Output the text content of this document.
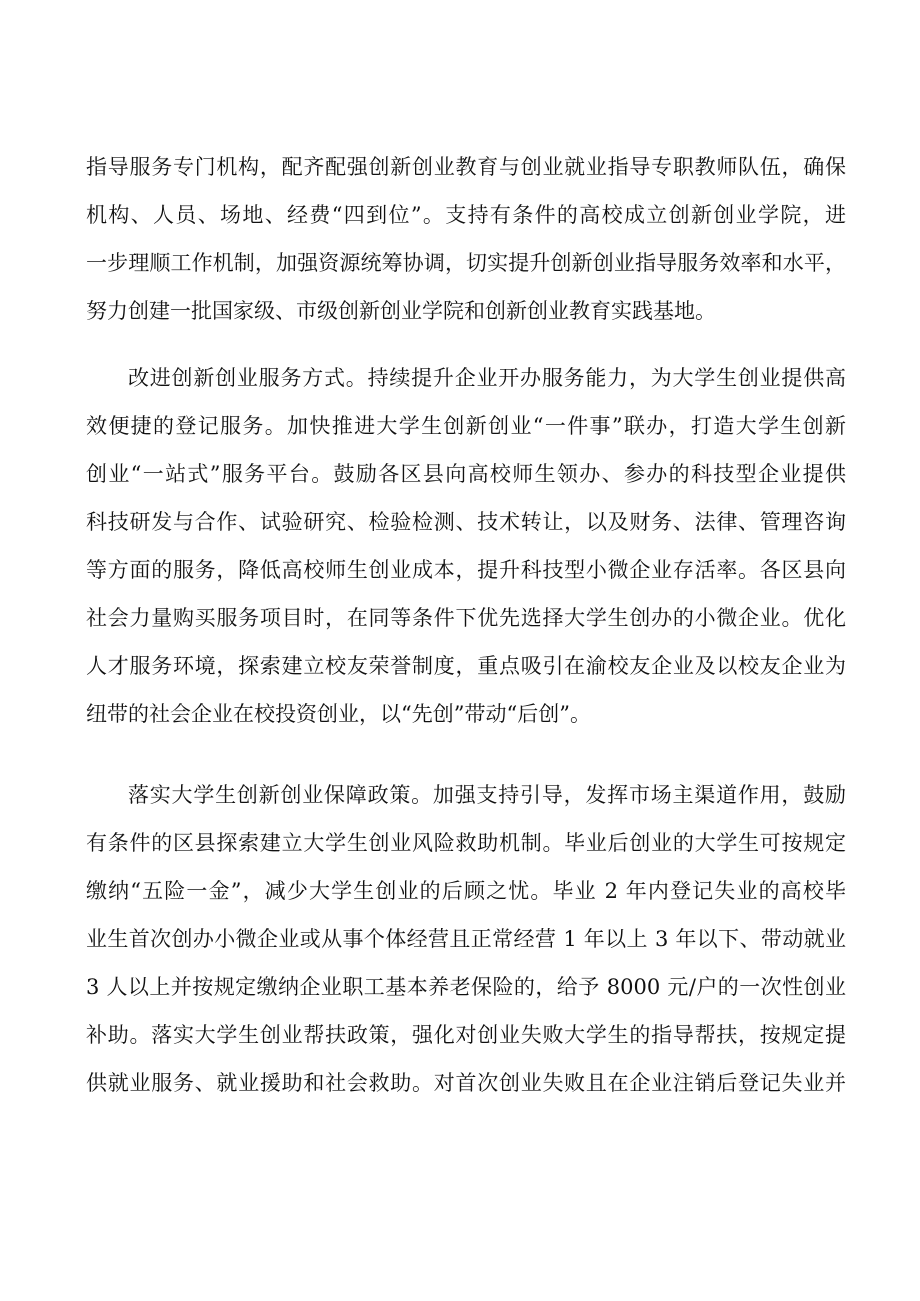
指导服务专门机构，配齐配强创新创业教育与创业就业指导专职教师队伍，确保
机构、人员、场地、经费“四到位”。支持有条件的高校成立创新创业学院，进
一步理顺工作机制，加强资源统筹协调，切实提升创新创业指导服务效率和水平，
努力创建一批国家级、市级创新创业学院和创新创业教育实践基地。
改进创新创业服务方式。持续提升企业开办服务能力，为大学生创业提供高
效便捷的登记服务。加快推进大学生创新创业“一件事”联办，打造大学生创新
创业“一站式”服务平台。鼓励各区县向高校师生领办、参办的科技型企业提供
科技研发与合作、试验研究、检验检测、技术转让，以及财务、法律、管理咨询
等方面的服务，降低高校师生创业成本，提升科技型小微企业存活率。各区县向
社会力量购买服务项目时，在同等条件下优先选择大学生创办的小微企业。优化
人才服务环境，探索建立校友荣誉制度，重点吸引在渝校友企业及以校友企业为
纽带的社会企业在校投资创业，以“先创”带动“后创”。
落实大学生创新创业保障政策。加强支持引导，发挥市场主渠道作用，鼓励
有条件的区县探索建立大学生创业风险救助机制。毕业后创业的大学生可按规定
缴纳“五险一金”，减少大学生创业的后顾之忧。毕业 2 年内登记失业的高校毕
业生首次创办小微企业或从事个体经营且正常经营 1 年以上 3 年以下、带动就业
3 人以上并按规定缴纳企业职工基本养老保险的，给予 8000 元/户的一次性创业
补助。落实大学生创业帮扶政策，强化对创业失败大学生的指导帮扶，按规定提
供就业服务、就业援助和社会救助。对首次创业失败且在企业注销后登记失业并
